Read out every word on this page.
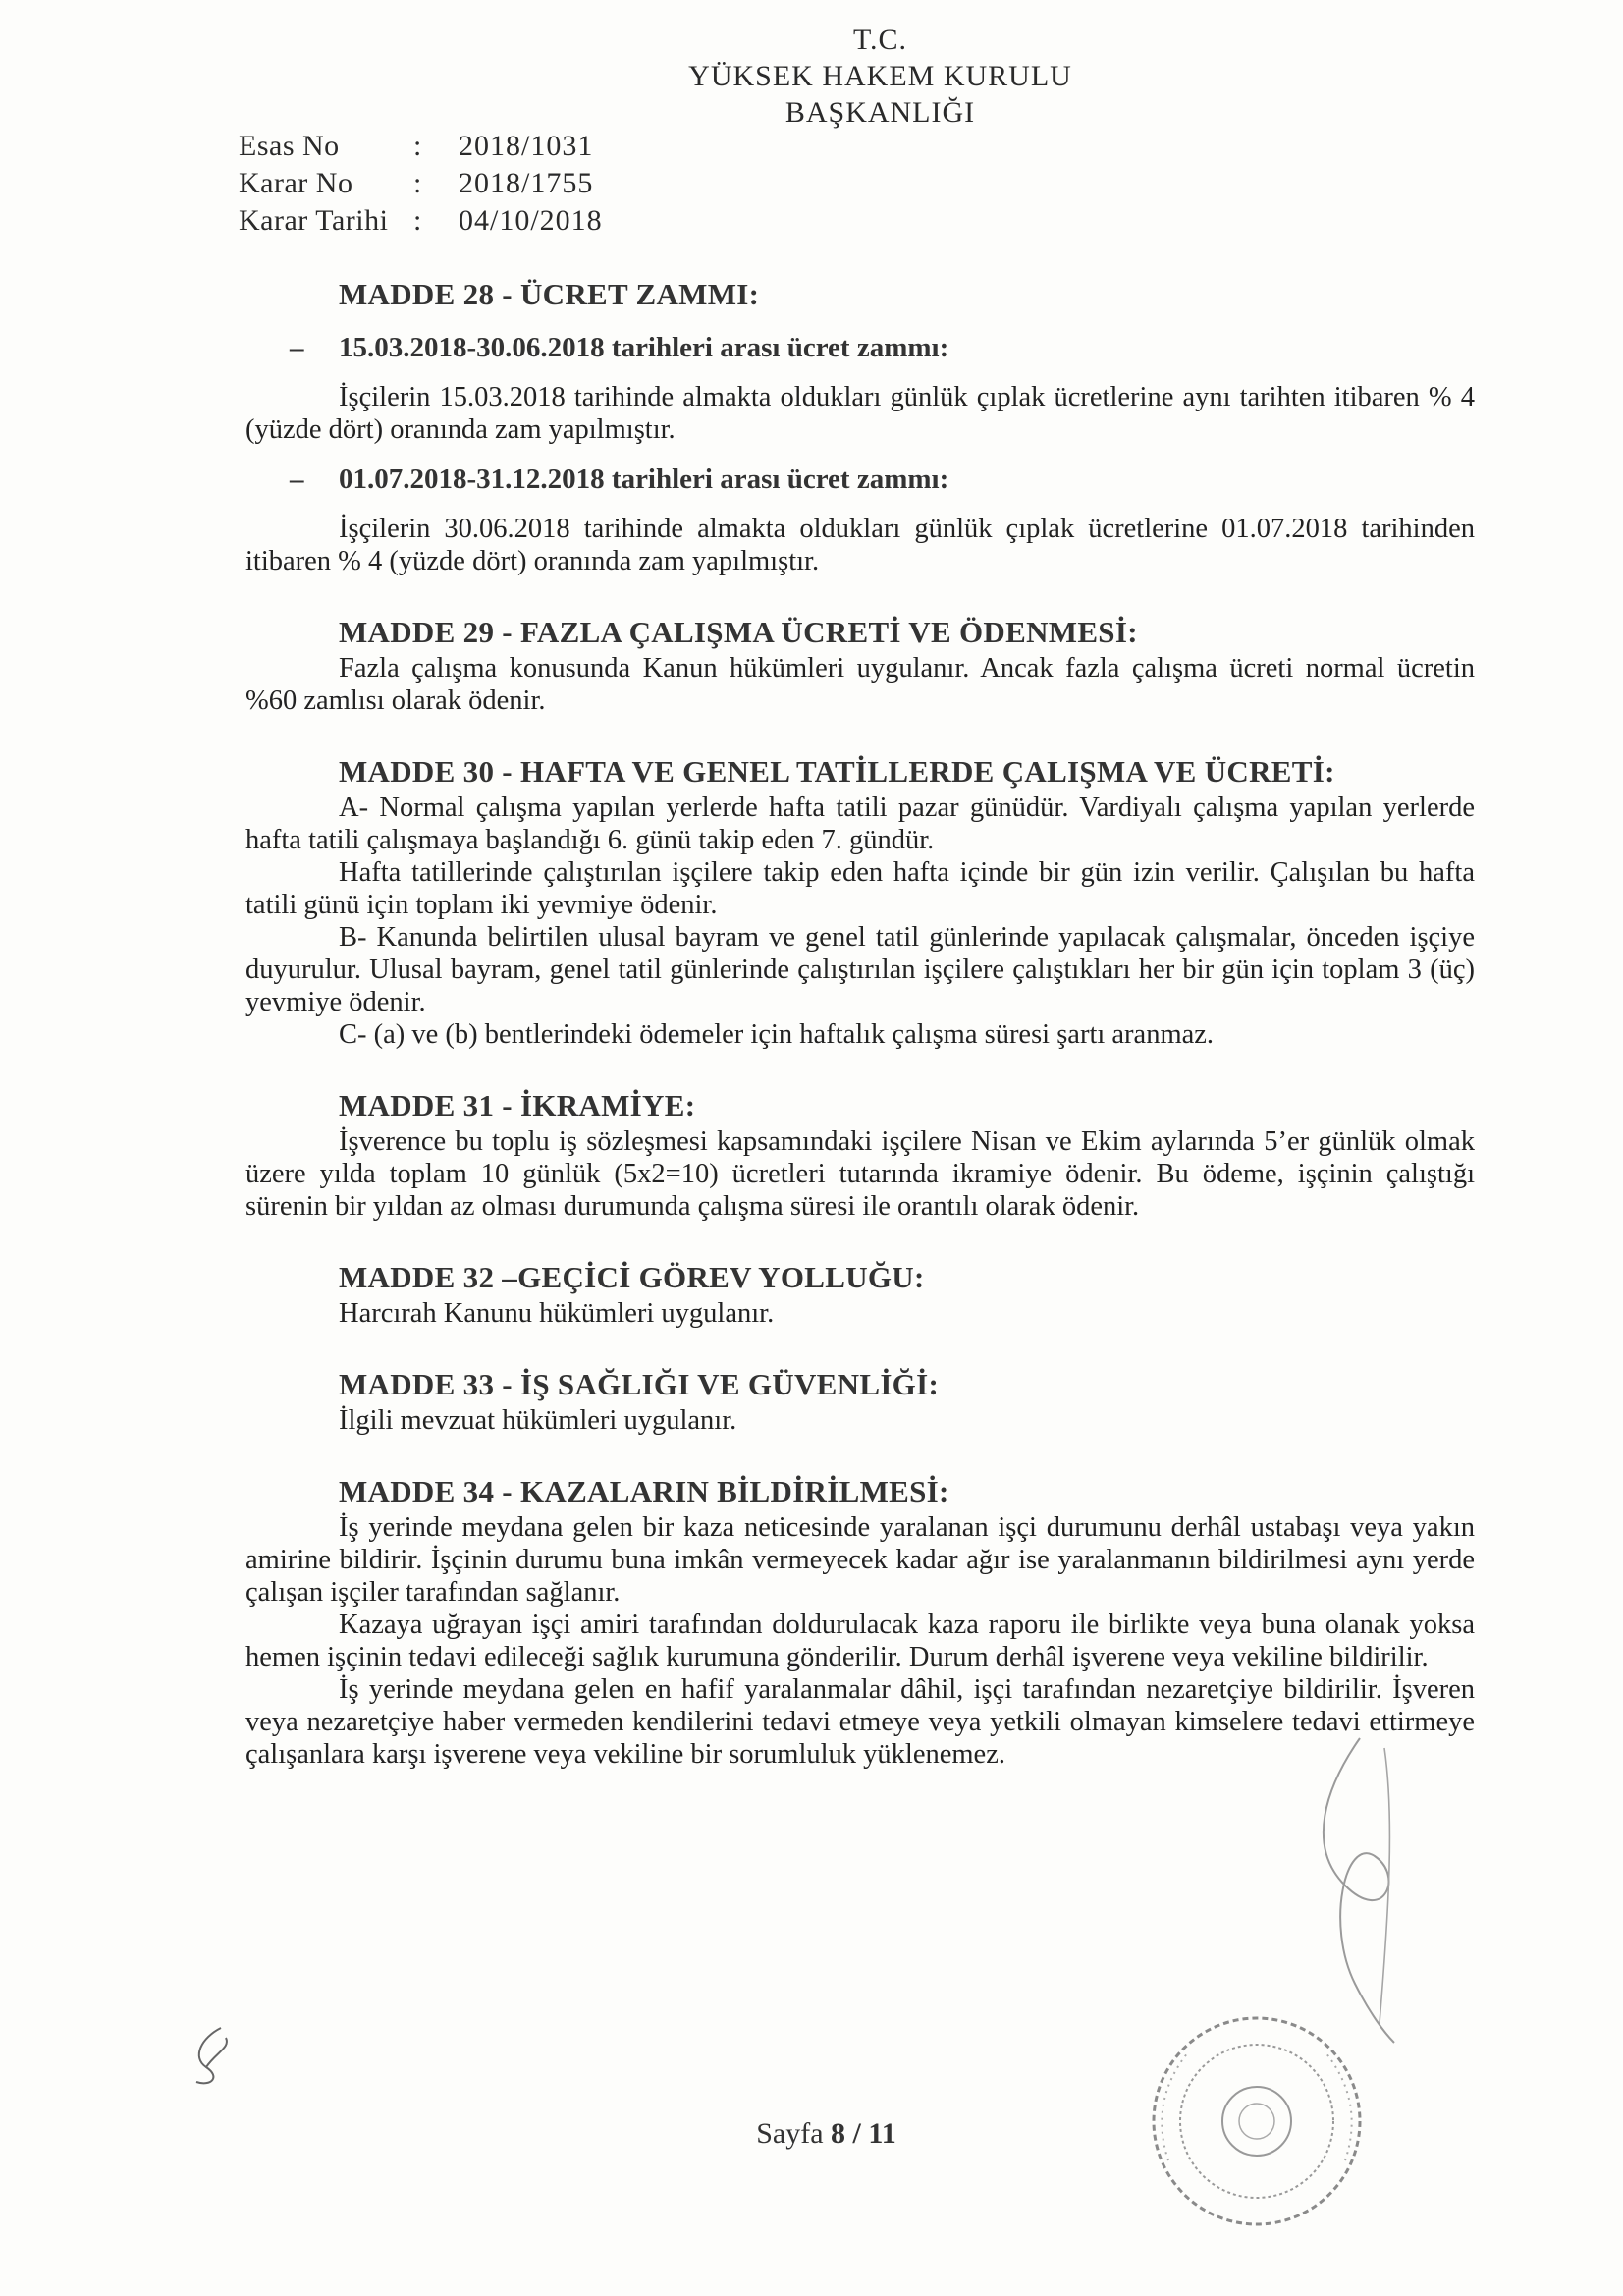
T.C.
YÜKSEK HAKEM KURULU
BAŞKANLIĞI
Esas No	:	2018/1031
Karar No	:	2018/1755
Karar Tarihi :	04/10/2018
MADDE 28 - ÜCRET ZAMMI:
– 15.03.2018-30.06.2018 tarihleri arası ücret zammı:

İşçilerin 15.03.2018 tarihinde almakta oldukları günlük çıplak ücretlerine aynı tarihten itibaren % 4 (yüzde dört) oranında zam yapılmıştır.

– 01.07.2018-31.12.2018 tarihleri arası ücret zammı:

İşçilerin 30.06.2018 tarihinde almakta oldukları günlük çıplak ücretlerine 01.07.2018 tarihinden itibaren % 4 (yüzde dört) oranında zam yapılmıştır.

MADDE 29 - FAZLA ÇALIŞMA ÜCRETİ VE ÖDENMESİ:

Fazla çalışma konusunda Kanun hükümleri uygulanır. Ancak fazla çalışma ücreti normal ücretin %60 zamlısı olarak ödenir.

MADDE 30 - HAFTA VE GENEL TATİLLERDE ÇALIŞMA VE ÜCRETİ:

A- Normal çalışma yapılan yerlerde hafta tatili pazar günüdür. Vardiyalı çalışma yapılan yerlerde hafta tatili çalışmaya başlandığı 6. günü takip eden 7. gündür.

Hafta tatillerinde çalıştırılan işçilere takip eden hafta içinde bir gün izin verilir. Çalışılan bu hafta tatili günü için toplam iki yevmiye ödenir.

B- Kanunda belirtilen ulusal bayram ve genel tatil günlerinde yapılacak çalışmalar, önceden işçiye duyurulur. Ulusal bayram, genel tatil günlerinde çalıştırılan işçilere çalıştıkları her bir gün için toplam 3 (üç) yevmiye ödenir.

C- (a) ve (b) bentlerindeki ödemeler için haftalık çalışma süresi şartı aranmaz.

MADDE 31 - İKRAMİYE:

İşverence bu toplu iş sözleşmesi kapsamındaki işçilere Nisan ve Ekim aylarında 5’er günlük olmak üzere yılda toplam 10 günlük (5x2=10) ücretleri tutarında ikramiye ödenir. Bu ödeme, işçinin çalıştığı sürenin bir yıldan az olması durumunda çalışma süresi ile orantılı olarak ödenir.

MADDE 32 –GEÇİCİ GÖREV YOLLUĞU:

Harcırah Kanunu hükümleri uygulanır.

MADDE 33 - İŞ SAĞLIĞI VE GÜVENLİĞİ:

İlgili mevzuat hükümleri uygulanır.

MADDE 34 - KAZALARIN BİLDİRİLMESİ:

İş yerinde meydana gelen bir kaza neticesinde yaralanan işçi durumunu derhâl ustabaşı veya yakın amirine bildirir. İşçinin durumu buna imkân vermeyecek kadar ağır ise yaralanmanın bildirilmesi aynı yerde çalışan işçiler tarafından sağlanır.

Kazaya uğrayan işçi amiri tarafından doldurulacak kaza raporu ile birlikte veya buna olanak yoksa hemen işçinin tedavi edileceği sağlık kurumuna gönderilir. Durum derhâl işverene veya vekiline bildirilir.

İş yerinde meydana gelen en hafif yaralanmalar dâhil, işçi tarafından nezaretçiye bildirilir. İşveren veya nezaretçiye haber vermeden kendilerini tedavi etmeye veya yetkili olmayan kimselere tedavi ettirmeye çalışanlara karşı işverene veya vekiline bir sorumluluk yüklenemez.

Sayfa 8 / 11
